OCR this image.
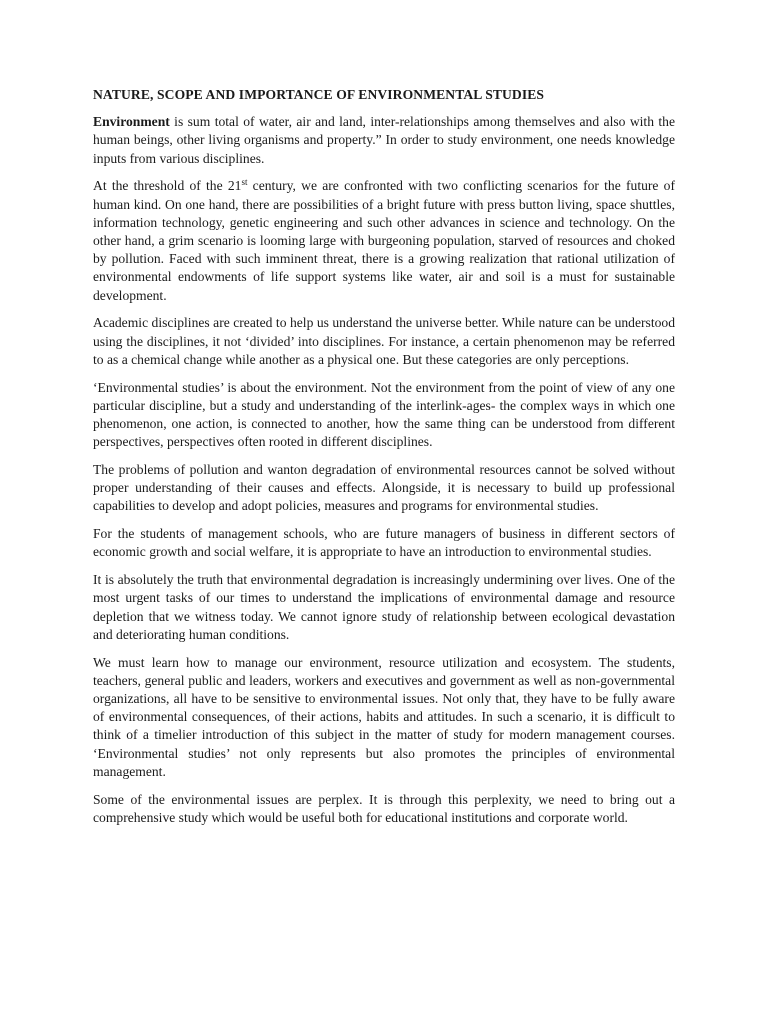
NATURE, SCOPE AND IMPORTANCE OF ENVIRONMENTAL STUDIES

Environment is sum total of water, air and land, inter-relationships among themselves and also with the human beings, other living organisms and property.” In order to study environment, one needs knowledge inputs from various disciplines.

At the threshold of the 21st century, we are confronted with two conflicting scenarios for the future of human kind. On one hand, there are possibilities of a bright future with press button living, space shuttles, information technology, genetic engineering and such other advances in science and technology. On the other hand, a grim scenario is looming large with burgeoning population, starved of resources and choked by pollution. Faced with such imminent threat, there is a growing realization that rational utilization of environmental endowments of life support systems like water, air and soil is a must for sustainable development.

Academic disciplines are created to help us understand the universe better. While nature can be understood using the disciplines, it not ‘divided’ into disciplines. For instance, a certain phenomenon may be referred to as a chemical change while another as a physical one. But these categories are only perceptions.

‘Environmental studies’ is about the environment. Not the environment from the point of view of any one particular discipline, but a study and understanding of the interlink-ages- the complex ways in which one phenomenon, one action, is connected to another, how the same thing can be understood from different perspectives, perspectives often rooted in different disciplines.

The problems of pollution and wanton degradation of environmental resources cannot be solved without proper understanding of their causes and effects. Alongside, it is necessary to build up professional capabilities to develop and adopt policies, measures and programs for environmental studies.

For the students of management schools, who are future managers of business in different sectors of economic growth and social welfare, it is appropriate to have an introduction to environmental studies.

It is absolutely the truth that environmental degradation is increasingly undermining over lives. One of the most urgent tasks of our times to understand the implications of environmental damage and resource depletion that we witness today. We cannot ignore study of relationship between ecological devastation and deteriorating human conditions.

We must learn how to manage our environment, resource utilization and ecosystem. The students, teachers, general public and leaders, workers and executives and government as well as non-governmental organizations, all have to be sensitive to environmental issues. Not only that, they have to be fully aware of environmental consequences, of their actions, habits and attitudes. In such a scenario, it is difficult to think of a timelier introduction of this subject in the matter of study for modern management courses. ‘Environmental studies’ not only represents but also promotes the principles of environmental management.

Some of the environmental issues are perplex. It is through this perplexity, we need to bring out a comprehensive study which would be useful both for educational institutions and corporate world.
